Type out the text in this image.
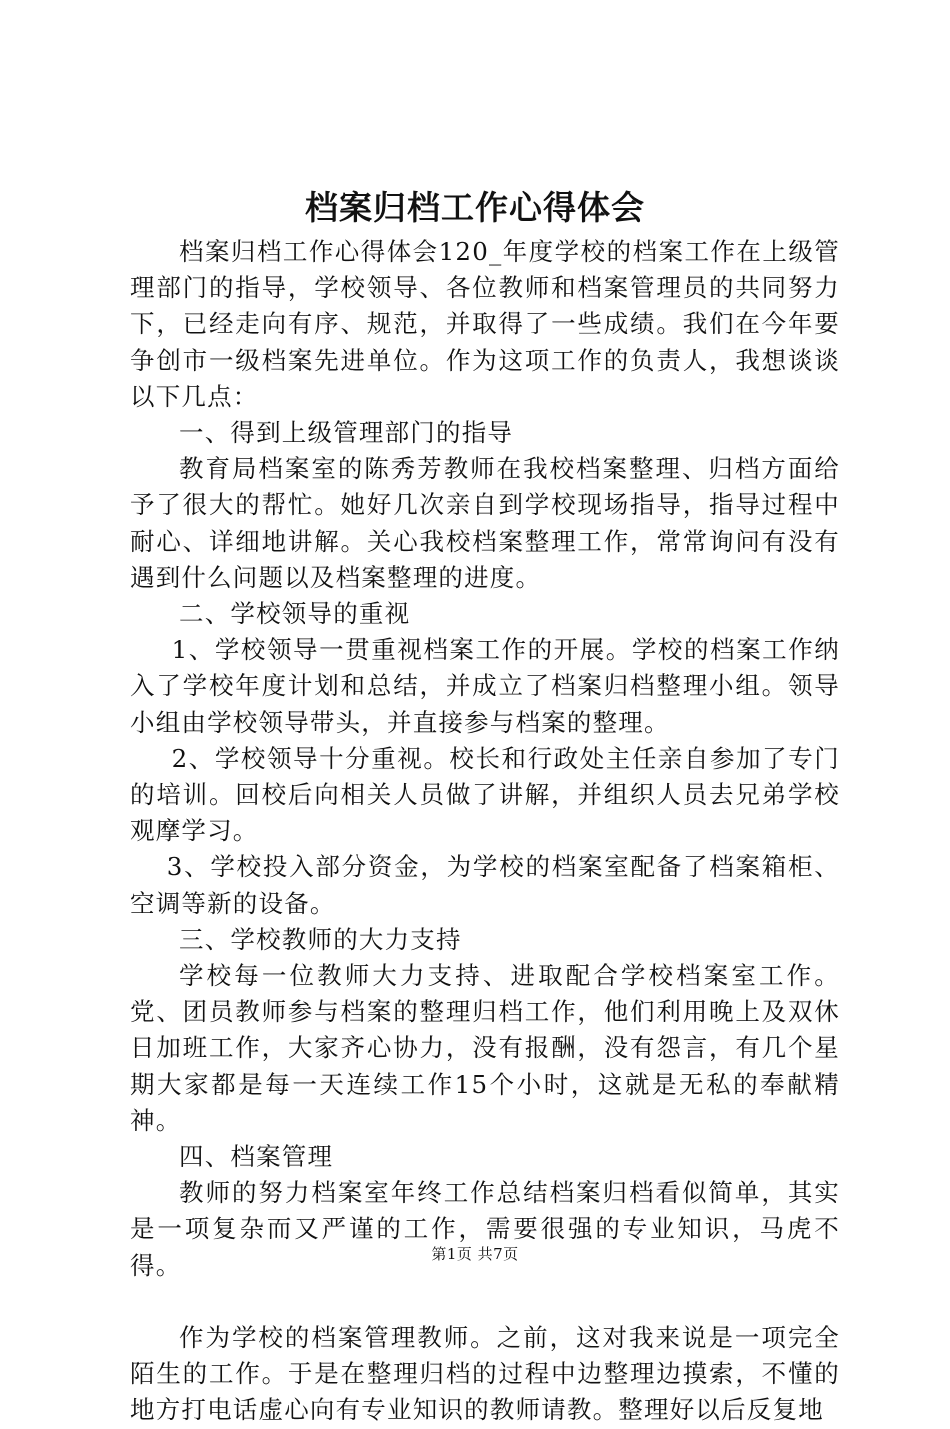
档案归档工作心得体会

档案归档工作心得体会120_年度学校的档案工作在上级管理部门的指导，学校领导、各位教师和档案管理员的共同努力下，已经走向有序、规范，并取得了一些成绩。我们在今年要争创市一级档案先进单位。作为这项工作的负责人，我想谈谈以下几点：

一、得到上级管理部门的指导

教育局档案室的陈秀芳教师在我校档案整理、归档方面给予了很大的帮忙。她好几次亲自到学校现场指导，指导过程中耐心、详细地讲解。关心我校档案整理工作，常常询问有没有遇到什么问题以及档案整理的进度。

二、学校领导的重视

1、学校领导一贯重视档案工作的开展。学校的档案工作纳入了学校年度计划和总结，并成立了档案归档整理小组。领导小组由学校领导带头，并直接参与档案的整理。

2、学校领导十分重视。校长和行政处主任亲自参加了专门的培训。回校后向相关人员做了讲解，并组织人员去兄弟学校观摩学习。

3、学校投入部分资金，为学校的档案室配备了档案箱柜、空调等新的设备。

三、学校教师的大力支持

学校每一位教师大力支持、进取配合学校档案室工作。党、团员教师参与档案的整理归档工作，他们利用晚上及双休日加班工作，大家齐心协力，没有报酬，没有怨言，有几个星期大家都是每一天连续工作15个小时，这就是无私的奉献精神。

四、档案管理

教师的努力档案室年终工作总结档案归档看似简单，其实是一项复杂而又严谨的工作，需要很强的专业知识，马虎不得。

作为学校的档案管理教师。之前，这对我来说是一项完全陌生的工作。于是在整理归档的过程中边整理边摸索，不懂的地方打电话虚心向有专业知识的教师请教。整理好以后反复地

第1页 共7页
